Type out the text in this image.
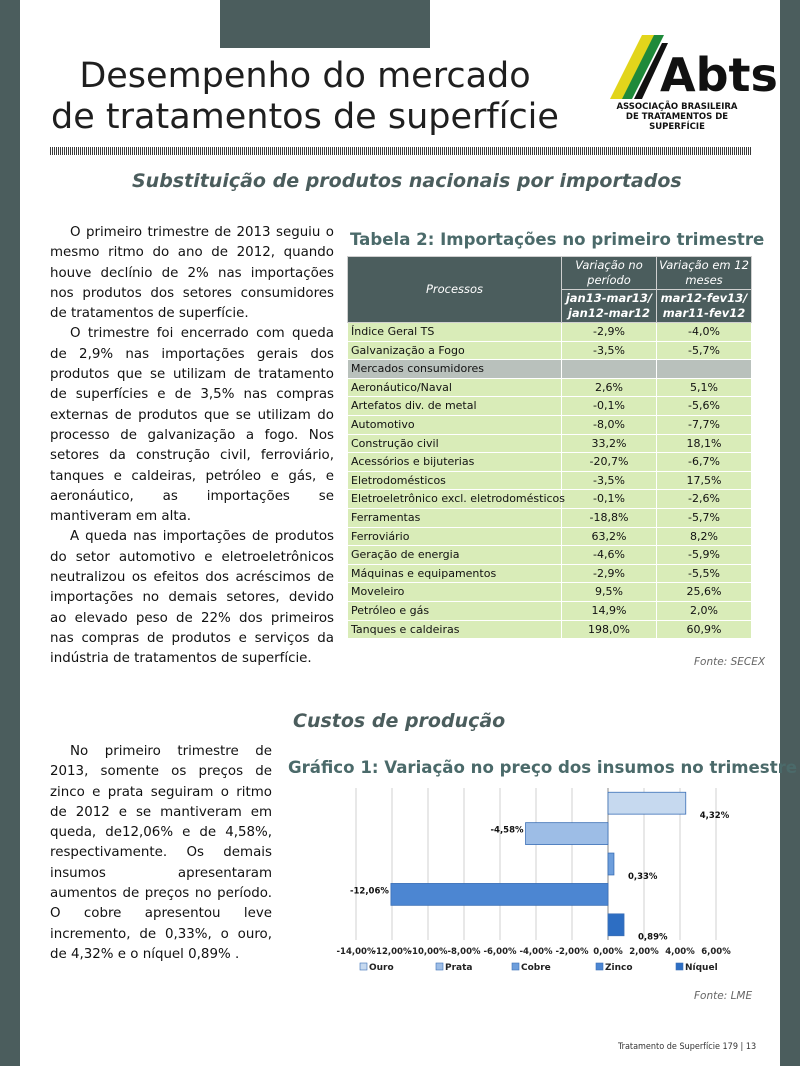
Desempenho do mercado
de tratamentos de superfície
Abts
ASSOCIAÇÃO BRASILEIRA
DE TRATAMENTOS DE SUPERFÍCIE
Substituição de produtos nacionais por importados

O primeiro trimestre de 2013 seguiu o mesmo ritmo do ano de 2012, quando houve declínio de 2% nas importações nos produtos dos setores consumidores de tratamentos de superfície.

O trimestre foi encerrado com queda de 2,9% nas importações gerais dos produtos que se utilizam de tratamento de superfícies e de 3,5% nas compras externas de produtos que se utilizam do processo de galvanização a fogo. Nos setores da construção civil, ferroviário, tanques e caldeiras, petróleo e gás, e aeronáutico, as importações se mantiveram em alta.

A queda nas importações de produtos do setor automotivo e eletroeletrônicos neutralizou os efeitos dos acréscimos de importações no demais setores, devido ao elevado peso de 22% dos primeiros nas compras de produtos e serviços da indústria de tratamentos de superfície.

Tabela 2: Importações no primeiro trimestre
Processos	Variação no período	Variação em 12 meses
	jan13-mar13/ jan12-mar12	mar12-fev13/ mar11-fev12
Índice Geral TS	-2,9%	-4,0%
Galvanização a Fogo	-3,5%	-5,7%
Mercados consumidores		
Aeronáutico/Naval	2,6%	5,1%
Artefatos div. de metal	-0,1%	-5,6%
Automotivo	-8,0%	-7,7%
Construção civil	33,2%	18,1%
Acessórios e bijuterias	-20,7%	-6,7%
Eletrodomésticos	-3,5%	17,5%
Eletroeletrônico excl. eletrodomésticos	-0,1%	-2,6%
Ferramentas	-18,8%	-5,7%
Ferroviário	63,2%	8,2%
Geração de energia	-4,6%	-5,9%
Máquinas e equipamentos	-2,9%	-5,5%
Moveleiro	9,5%	25,6%
Petróleo e gás	14,9%	2,0%
Tanques e caldeiras	198,0%	60,9%
Fonte: SECEX
Custos de produção

No primeiro trimestre de 2013, somente os preços de zinco e prata seguiram o ritmo de 2012 e se mantiveram em queda, de12,06% e de 4,58%, respectivamente. Os demais insumos apresentaram aumentos de preços no período. O cobre apresentou leve incremento, de 0,33%, o ouro, de 4,32% e o níquel 0,89% .

Gráfico 1: Variação no preço dos insumos no trimestre
-14,00%
-12,00%
-10,00% -8,00% -6,00% -4,00% -2,00% 0,00% 2,00% 4,00% 6,00%
4,32%
-4,58%
0,33%
-12,06%
0,89%
Ouro	Prata	Cobre	Zinco	Níquel
Fonte: LME
Tratamento de Superfície 179 | 13
